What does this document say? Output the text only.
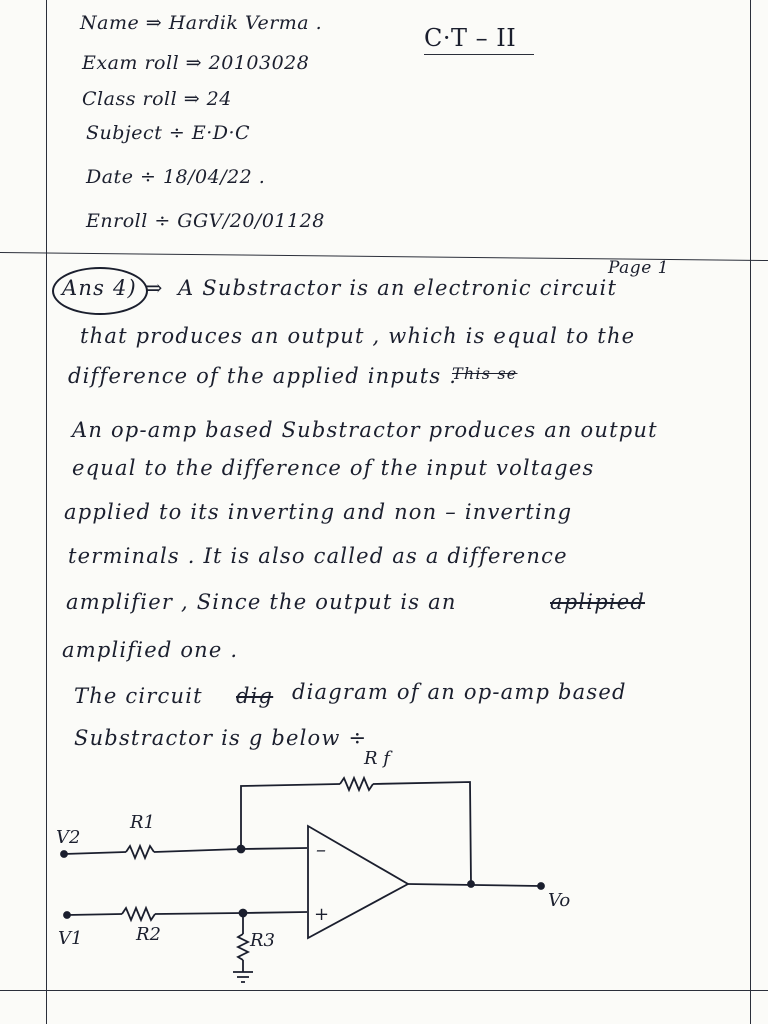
Name ⇒ Hardik Verma .
Exam roll ⇒ 20103028
Class roll ⇒ 24
Subject ÷ E·D·C
Date ÷ 18/04/22 .
Enroll ÷ GGV/20/01128
C·T – II
Page 1
Ans 4) ⇒ A Substractor is an electronic circuit
that produces an output , which is equal to the
difference of the applied inputs .
This se
An op-amp based Substractor produces an output
equal to the difference of the input voltages
applied to its inverting and non – inverting
terminals . It is also called as a difference
amplifier , Since the output is an	aplipied
amplified one .
The circuit dig diagram of an op-amp based
Substractor is g below ÷
R f
V2
R1
V1	R2	R3
–
+
Vo
